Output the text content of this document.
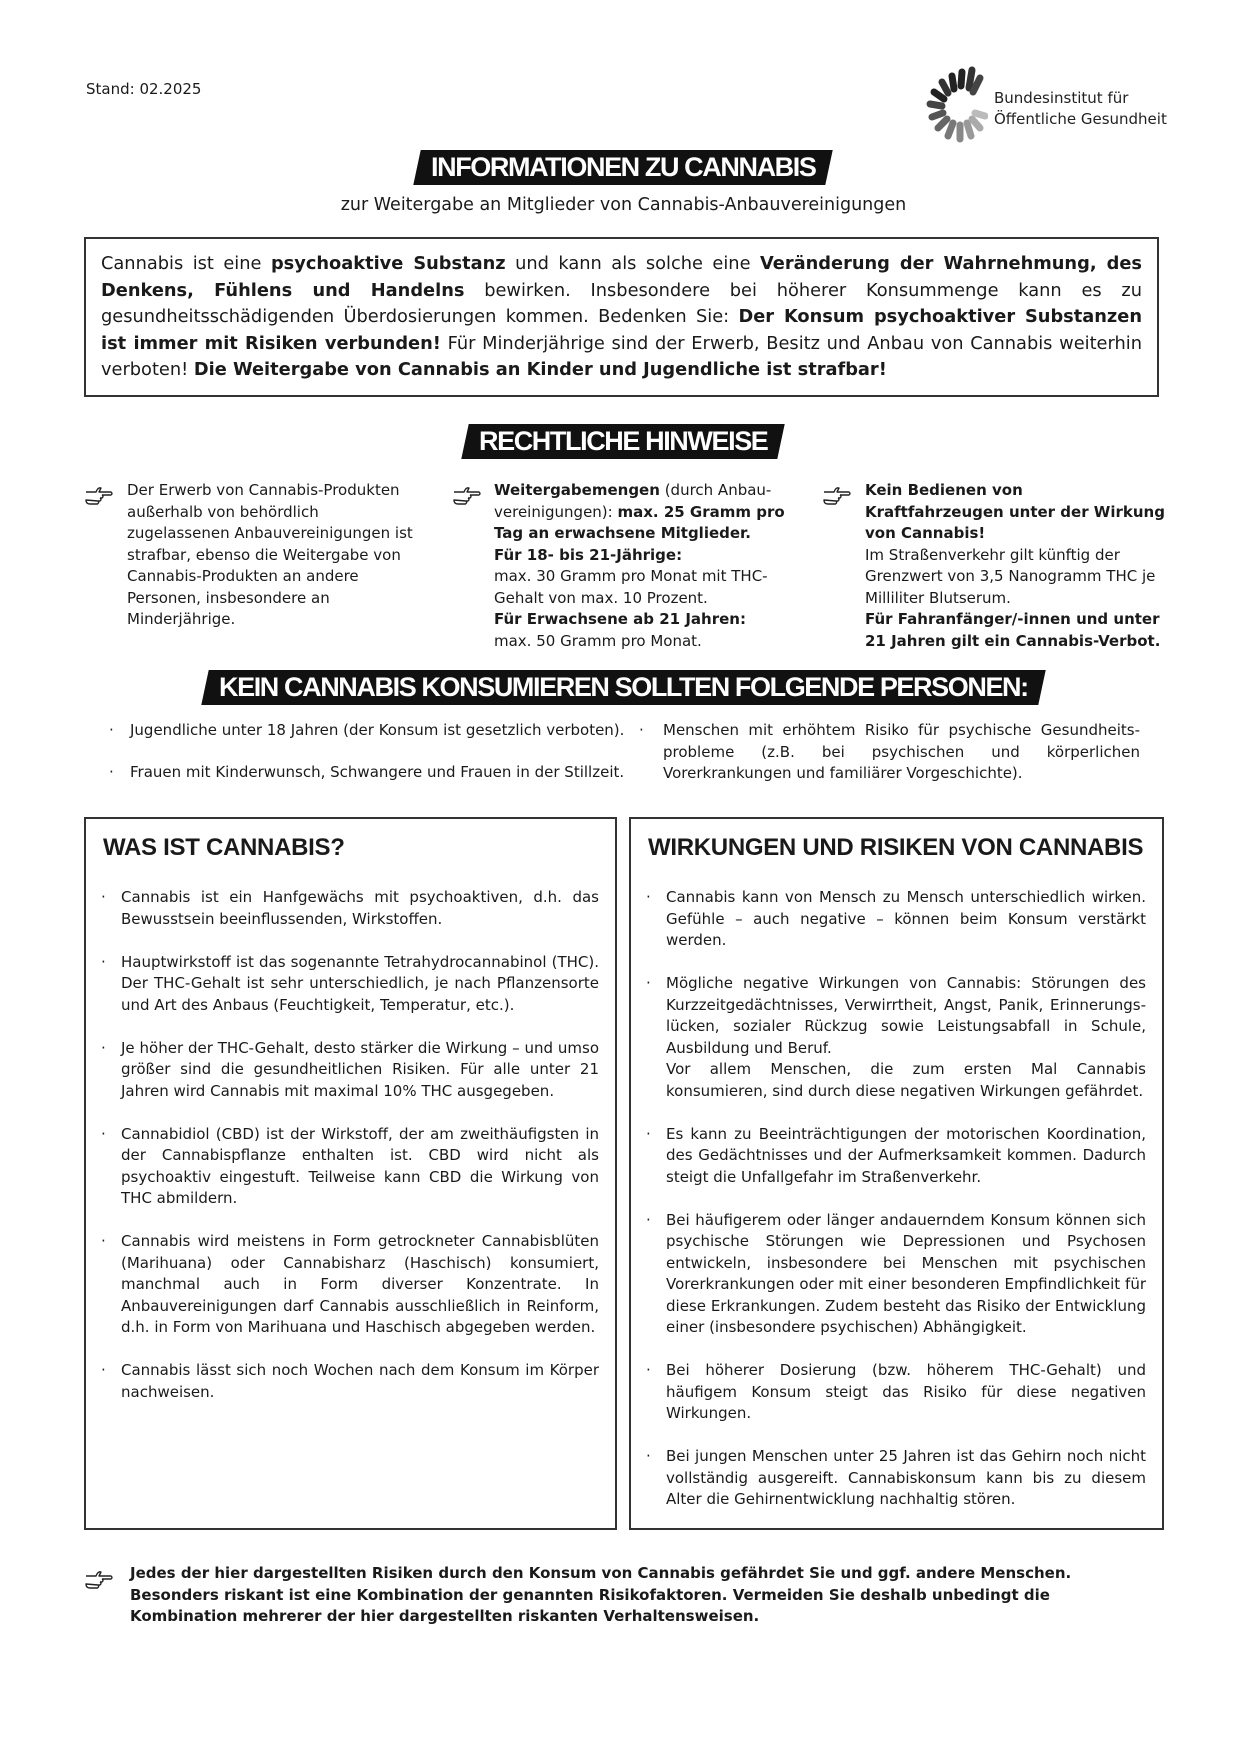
Stand: 02.2025	Bundesinstitut für
Öffentliche Gesundheit
INFORMATIONEN ZU CANNABIS
zur Weitergabe an Mitglieder von Cannabis-Anbauvereinigungen
Cannabis ist eine psychoaktive Substanz und kann als solche eine Veränderung der Wahrnehmung, des Denkens, Fühlens und Handelns bewirken. Insbesondere bei höherer Konsummenge kann es zu gesundheitsschädigenden Überdosierungen kommen. Bedenken Sie: Der Konsum psychoaktiver Substanzen ist immer mit Risiken verbunden! Für Minderjährige sind der Erwerb, Besitz und Anbau von Cannabis weiterhin verboten! Die Weitergabe von Cannabis an Kinder und Jugendliche ist strafbar!
RECHTLICHE HINWEISE

Der Erwerb von Cannabis-Produkten außerhalb von behördlich zugelassenen Anbauvereinigungen ist strafbar, ebenso die Weitergabe von Cannabis-Produkten an andere Personen, insbesondere an Minderjährige.

Weitergabemengen (durch Anbau-vereinigungen): max. 25 Gramm pro Tag an erwachsene Mitglieder.

Für 18- bis 21-Jährige:

max. 30 Gramm pro Monat mit THC-Gehalt von max. 10 Prozent.

Für Erwachsene ab 21 Jahren:

max. 50 Gramm pro Monat.

Kein Bedienen von Kraftfahrzeugen unter der Wirkung von Cannabis!

Im Straßenverkehr gilt künftig der Grenzwert von 3,5 Nanogramm THC je Milliliter Blutserum.

Für Fahranfänger/-innen und unter 21 Jahren gilt ein Cannabis-Verbot.

KEIN CANNABIS KONSUMIEREN SOLLTEN FOLGENDE PERSONEN:
· Jugendliche unter 18 Jahren (der Konsum ist gesetzlich verboten).
· Frauen mit Kinderwunsch, Schwangere und Frauen in der Stillzeit.
· Menschen mit erhöhtem Risiko für psychische Gesundheits-probleme (z.B. bei psychischen und körperlichen Vorerkrankungen und familiärer Vorgeschichte).
WAS IST CANNABIS?
· Cannabis ist ein Hanfgewächs mit psychoaktiven, d.h. das Bewusstsein beeinflussenden, Wirkstoffen.
· Hauptwirkstoff ist das sogenannte Tetrahydrocannabinol (THC). Der THC-Gehalt ist sehr unterschiedlich, je nach Pflanzensorte und Art des Anbaus (Feuchtigkeit, Temperatur, etc.).
· Je höher der THC-Gehalt, desto stärker die Wirkung – und umso größer sind die gesundheitlichen Risiken. Für alle unter 21 Jahren wird Cannabis mit maximal 10% THC ausgegeben.
· Cannabidiol (CBD) ist der Wirkstoff, der am zweithäufigsten in der Cannabispflanze enthalten ist. CBD wird nicht als psychoaktiv eingestuft. Teilweise kann CBD die Wirkung von THC abmildern.
· Cannabis wird meistens in Form getrockneter Cannabisblüten (Marihuana) oder Cannabisharz (Haschisch) konsumiert, manchmal auch in Form diverser Konzentrate. In Anbauvereinigungen darf Cannabis ausschließlich in Reinform, d.h. in Form von Marihuana und Haschisch abgegeben werden.
· Cannabis lässt sich noch Wochen nach dem Konsum im Körper nachweisen.
WIRKUNGEN UND RISIKEN VON CANNABIS
· Cannabis kann von Mensch zu Mensch unterschiedlich wirken. Gefühle – auch negative – können beim Konsum verstärkt werden.
· Mögliche negative Wirkungen von Cannabis: Störungen des Kurzzeitgedächtnisses, Verwirrtheit, Angst, Panik, Erinnerungs-lücken, sozialer Rückzug sowie Leistungsabfall in Schule, Ausbildung und Beruf.
Vor allem Menschen, die zum ersten Mal Cannabis konsumieren, sind durch diese negativen Wirkungen gefährdet.
· Es kann zu Beeinträchtigungen der motorischen Koordination, des Gedächtnisses und der Aufmerksamkeit kommen. Dadurch steigt die Unfallgefahr im Straßenverkehr.
· Bei häufigerem oder länger andauerndem Konsum können sich psychische Störungen wie Depressionen und Psychosen entwickeln, insbesondere bei Menschen mit psychischen Vorerkrankungen oder mit einer besonderen Empfindlichkeit für diese Erkrankungen. Zudem besteht das Risiko der Entwicklung einer (insbesondere psychischen) Abhängigkeit.
· Bei höherer Dosierung (bzw. höherem THC-Gehalt) und häufigem Konsum steigt das Risiko für diese negativen Wirkungen.
· Bei jungen Menschen unter 25 Jahren ist das Gehirn noch nicht vollständig ausgereift. Cannabiskonsum kann bis zu diesem Alter die Gehirnentwicklung nachhaltig stören.
Jedes der hier dargestellten Risiken durch den Konsum von Cannabis gefährdet Sie und ggf. andere Menschen. Besonders riskant ist eine Kombination der genannten Risikofaktoren. Vermeiden Sie deshalb unbedingt die Kombination mehrerer der hier dargestellten riskanten Verhaltensweisen.
